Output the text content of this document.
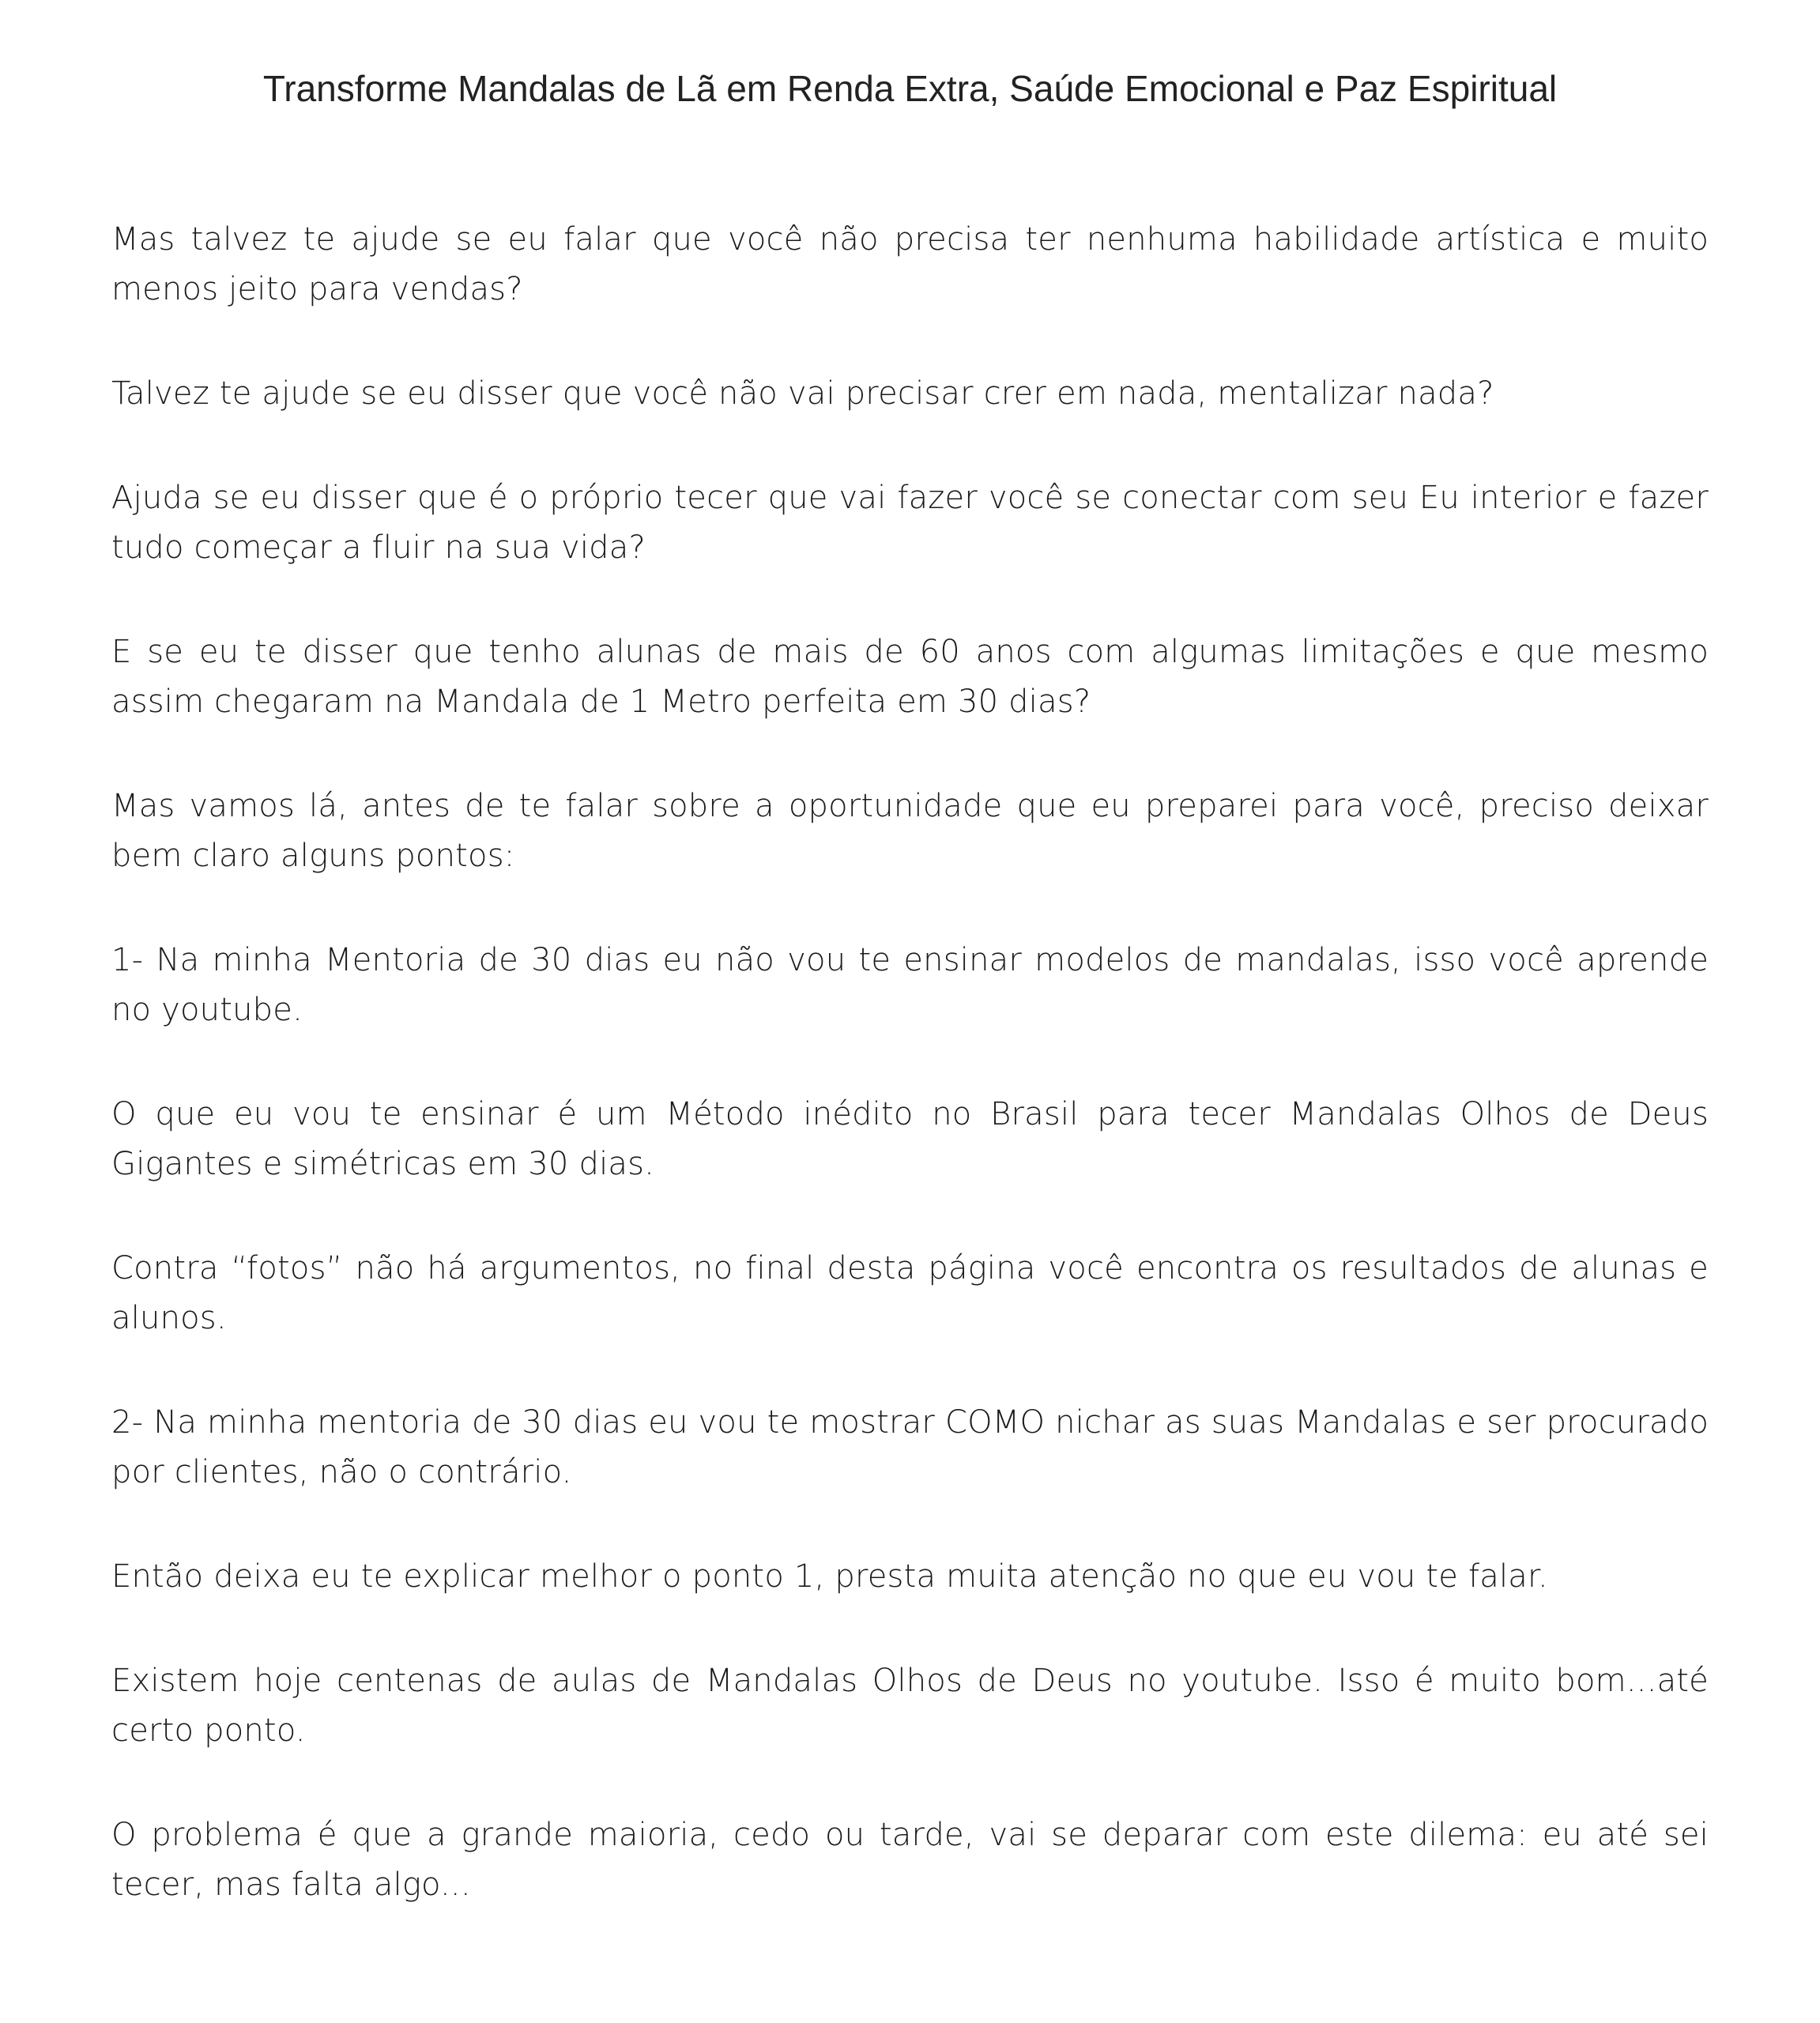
Transforme Mandalas de Lã em Renda Extra, Saúde Emocional e Paz Espiritual

Mas talvez te ajude se eu falar que você não precisa ter nenhuma habilidade artística e muito menos jeito para vendas?

Talvez te ajude se eu disser que você não vai precisar crer em nada, mentalizar nada?

Ajuda se eu disser que é o próprio tecer que vai fazer você se conectar com seu Eu interior e fazer tudo começar a fluir na sua vida?

E se eu te disser que tenho alunas de mais de 60 anos com algumas limitações e que mesmo assim chegaram na Mandala de 1 Metro perfeita em 30 dias?

Mas vamos lá, antes de te falar sobre a oportunidade que eu preparei para você, preciso deixar bem claro alguns pontos:

1- Na minha Mentoria de 30 dias eu não vou te ensinar modelos de mandalas, isso você aprende no youtube.

O que eu vou te ensinar é um Método inédito no Brasil para tecer Mandalas Olhos de Deus Gigantes e simétricas em 30 dias.

Contra “fotos” não há argumentos, no final desta página você encontra os resultados de alunas e alunos.

2- Na minha mentoria de 30 dias eu vou te mostrar COMO nichar as suas Mandalas e ser procurado por clientes, não o contrário.

Então deixa eu te explicar melhor o ponto 1, presta muita atenção no que eu vou te falar.

Existem hoje centenas de aulas de Mandalas Olhos de Deus no youtube. Isso é muito bom...até certo ponto.

O problema é que a grande maioria, cedo ou tarde, vai se deparar com este dilema: eu até sei tecer, mas falta algo...
